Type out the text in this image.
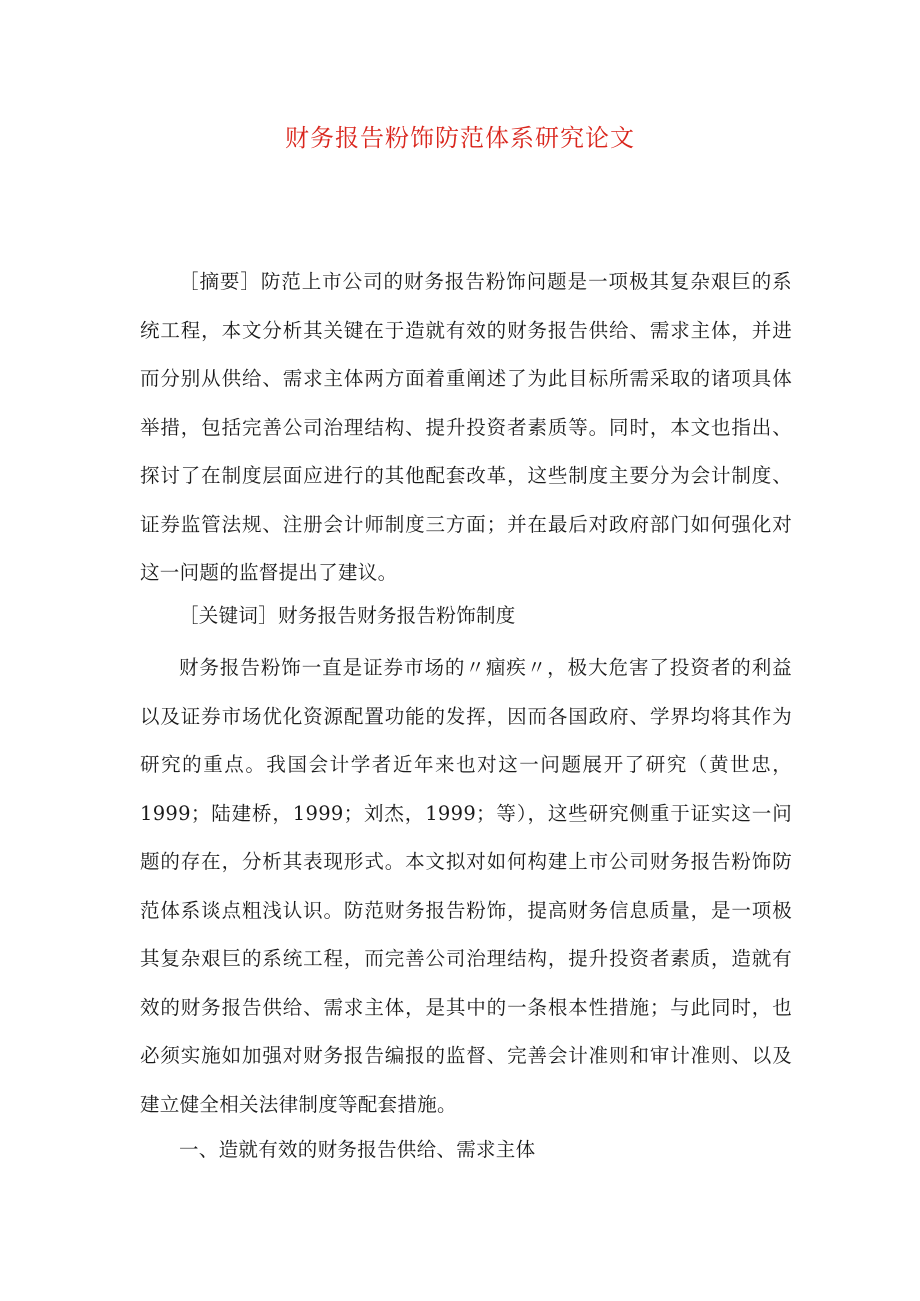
财务报告粉饰防范体系研究论文
［摘要］防范上市公司的财务报告粉饰问题是一项极其复杂艰巨的系统工程，本文分析其关键在于造就有效的财务报告供给、需求主体，并进而分别从供给、需求主体两方面着重阐述了为此目标所需采取的诸项具体举措，包括完善公司治理结构、提升投资者素质等。同时，本文也指出、探讨了在制度层面应进行的其他配套改革，这些制度主要分为会计制度、证券监管法规、注册会计师制度三方面；并在最后对政府部门如何强化对这一问题的监督提出了建议。
［关键词］财务报告财务报告粉饰制度
财务报告粉饰一直是证券市场的〃痼疾〃，极大危害了投资者的利益以及证券市场优化资源配置功能的发挥，因而各国政府、学界均将其作为研究的重点。我国会计学者近年来也对这一问题展开了研究（黄世忠，1999；陆建桥，1999；刘杰，1999；等），这些研究侧重于证实这一问题的存在，分析其表现形式。本文拟对如何构建上市公司财务报告粉饰防范体系谈点粗浅认识。防范财务报告粉饰，提高财务信息质量，是一项极其复杂艰巨的系统工程，而完善公司治理结构，提升投资者素质，造就有效的财务报告供给、需求主体，是其中的一条根本性措施；与此同时，也必须实施如加强对财务报告编报的监督、完善会计准则和审计准则、以及建立健全相关法律制度等配套措施。
一、造就有效的财务报告供给、需求主体
